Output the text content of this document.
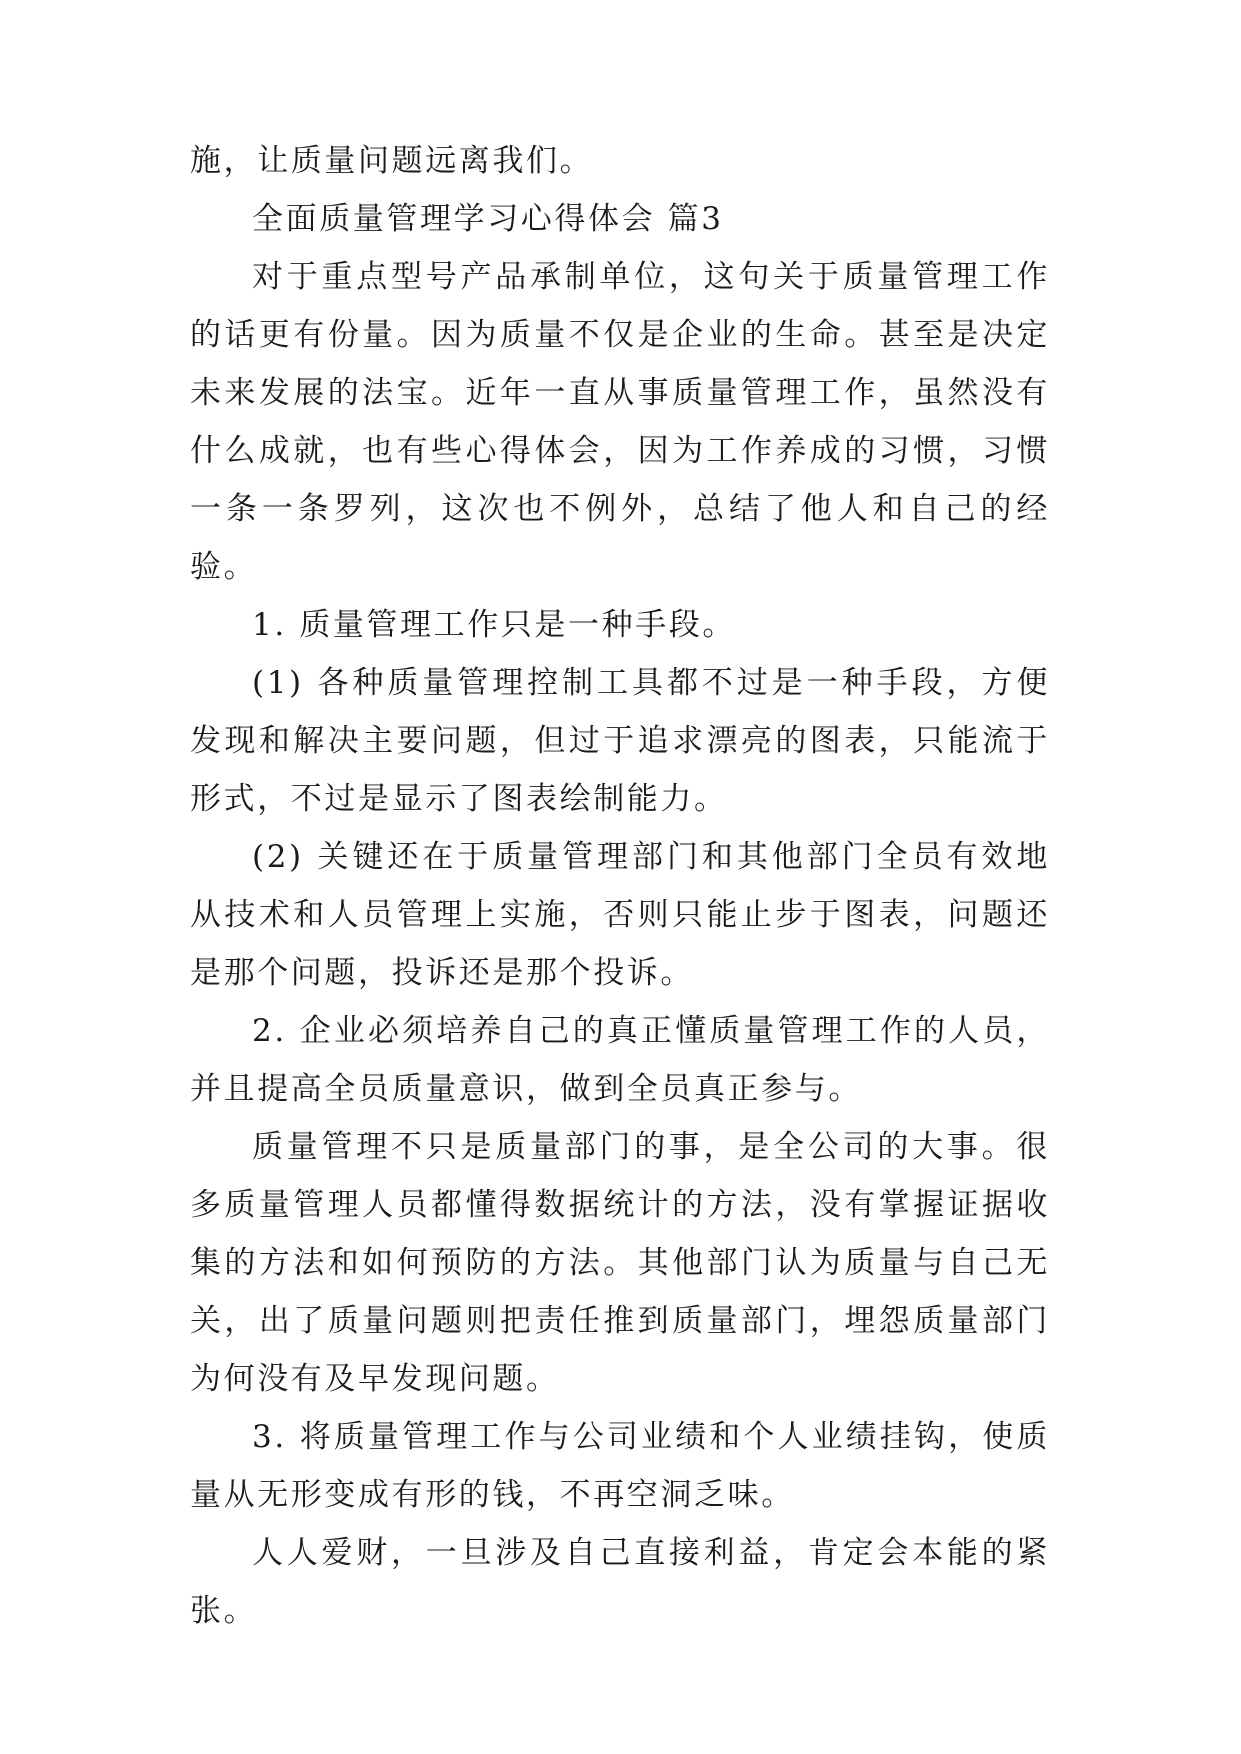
施，让质量问题远离我们。

全面质量管理学习心得体会 篇3

对于重点型号产品承制单位，这句关于质量管理工作的话更有份量。因为质量不仅是企业的生命。甚至是决定未来发展的法宝。近年一直从事质量管理工作，虽然没有什么成就，也有些心得体会，因为工作养成的习惯，习惯一条一条罗列，这次也不例外，总结了他人和自己的经验。

1. 质量管理工作只是一种手段。

(1) 各种质量管理控制工具都不过是一种手段，方便发现和解决主要问题，但过于追求漂亮的图表，只能流于形式，不过是显示了图表绘制能力。

(2) 关键还在于质量管理部门和其他部门全员有效地从技术和人员管理上实施，否则只能止步于图表，问题还是那个问题，投诉还是那个投诉。

2. 企业必须培养自己的真正懂质量管理工作的人员，并且提高全员质量意识，做到全员真正参与。

质量管理不只是质量部门的事，是全公司的大事。很多质量管理人员都懂得数据统计的方法，没有掌握证据收集的方法和如何预防的方法。其他部门认为质量与自己无关，出了质量问题则把责任推到质量部门，埋怨质量部门为何没有及早发现问题。

3. 将质量管理工作与公司业绩和个人业绩挂钩，使质量从无形变成有形的钱，不再空洞乏味。

人人爱财，一旦涉及自己直接利益，肯定会本能的紧张。
